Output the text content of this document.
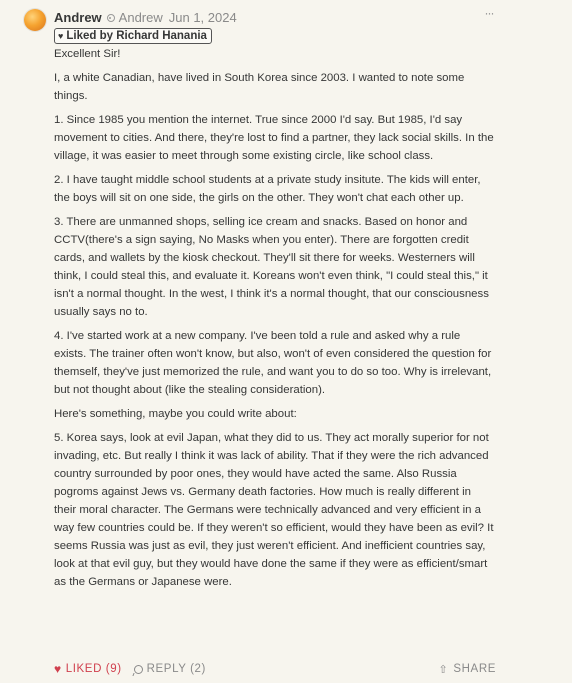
Andrew Andrew Jun 1, 2024
♥ Liked by Richard Hanania

Excellent Sir!

I, a white Canadian, have lived in South Korea since 2003. I wanted to note some things.

1. Since 1985 you mention the internet. True since 2000 I'd say. But 1985, I'd say movement to cities. And there, they're lost to find a partner, they lack social skills. In the village, it was easier to meet through some existing circle, like school class.

2. I have taught middle school students at a private study insitute. The kids will enter, the boys will sit on one side, the girls on the other. They won't chat each other up.

3. There are unmanned shops, selling ice cream and snacks. Based on honor and CCTV(there's a sign saying, No Masks when you enter). There are forgotten credit cards, and wallets by the kiosk checkout. They'll sit there for weeks. Westerners will think, I could steal this, and evaluate it. Koreans won't even think, "I could steal this," it isn't a normal thought. In the west, I think it's a normal thought, that our consciousness usually says no to.

4. I've started work at a new company. I've been told a rule and asked why a rule exists. The trainer often won't know, but also, won't of even considered the question for themself, they've just memorized the rule, and want you to do so too. Why is irrelevant, but not thought about (like the stealing consideration).

Here's something, maybe you could write about:

5. Korea says, look at evil Japan, what they did to us. They act morally superior for not invading, etc. But really I think it was lack of ability. That if they were the rich advanced country surrounded by poor ones, they would have acted the same. Also Russia pogroms against Jews vs. Germany death factories. How much is really different in their moral character. The Germans were technically advanced and very efficient in a way few countries could be. If they weren't so efficient, would they have been as evil? It seems Russia was just as evil, they just weren't efficient. And inefficient countries say, look at that evil guy, but they would have done the same if they were as efficient/smart as the Germans or Japanese were.

···
♥ LIKED (9) REPLY (2)	⇧ SHARE
